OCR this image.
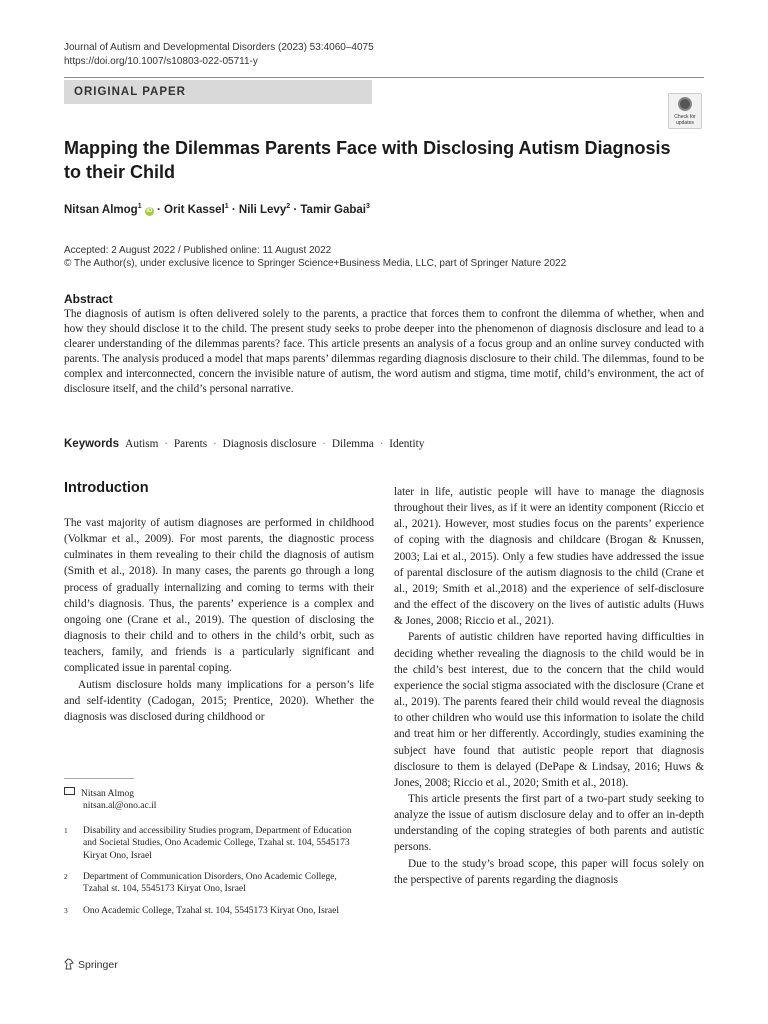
Journal of Autism and Developmental Disorders (2023) 53:4060–4075
https://doi.org/10.1007/s10803-022-05711-y
ORIGINAL PAPER
Check for
updates
Mapping the Dilemmas Parents Face with Disclosing Autism Diagnosis to their Child
Nitsan Almog$^1$ iD · Orit Kassel$^1$ · Nili Levy$^2$ · Tamir Gabai$^3$
Accepted: 2 August 2022 / Published online: 11 August 2022
© The Author(s), under exclusive licence to Springer Science+Business Media, LLC, part of Springer Nature 2022
Abstract
The diagnosis of autism is often delivered solely to the parents, a practice that forces them to confront the dilemma of whether, when and how they should disclose it to the child. The present study seeks to probe deeper into the phenomenon of diagnosis disclosure and lead to a clearer understanding of the dilemmas parents? face. This article presents an analysis of a focus group and an online survey conducted with parents. The analysis produced a model that maps parents’ dilemmas regarding diagnosis disclosure to their child. The dilemmas, found to be complex and interconnected, concern the invisible nature of autism, the word autism and stigma, time motif, child’s environment, the act of disclosure itself, and the child’s personal narrative.
Keywords Autism · Parents · Diagnosis disclosure · Dilemma · Identity
Introduction

The vast majority of autism diagnoses are performed in childhood (Volkmar et al., 2009). For most parents, the diagnostic process culminates in them revealing to their child the diagnosis of autism (Smith et al., 2018). In many cases, the parents go through a long process of gradually internalizing and coming to terms with their child’s diagnosis. Thus, the parents’ experience is a complex and ongoing one (Crane et al., 2019). The question of disclosing the diagnosis to their child and to others in the child’s orbit, such as teachers, family, and friends is a particularly significant and complicated issue in parental coping.

Autism disclosure holds many implications for a person’s life and self-identity (Cadogan, 2015; Prentice, 2020). Whether the diagnosis was disclosed during childhood or

later in life, autistic people will have to manage the diagnosis throughout their lives, as if it were an identity component (Riccio et al., 2021). However, most studies focus on the parents’ experience of coping with the diagnosis and childcare (Brogan & Knussen, 2003; Lai et al., 2015). Only a few studies have addressed the issue of parental disclosure of the autism diagnosis to the child (Crane et al., 2019; Smith et al.,2018) and the experience of self-disclosure and the effect of the discovery on the lives of autistic adults (Huws & Jones, 2008; Riccio et al., 2021).

Parents of autistic children have reported having difficulties in deciding whether revealing the diagnosis to the child would be in the child’s best interest, due to the concern that the child would experience the social stigma associated with the disclosure (Crane et al., 2019). The parents feared their child would reveal the diagnosis to other children who would use this information to isolate the child and treat him or her differently. Accordingly, studies examining the subject have found that autistic people report that diagnosis disclosure to them is delayed (DePape & Lindsay, 2016; Huws & Jones, 2008; Riccio et al., 2020; Smith et al., 2018).

This article presents the first part of a two-part study seeking to analyze the issue of autism disclosure delay and to offer an in-depth understanding of the coping strategies of both parents and autistic persons.

Due to the study’s broad scope, this paper will focus solely on the perspective of parents regarding the diagnosis

Nitsan Almog
nitsan.al@ono.ac.il
1	Disability and accessibility Studies program, Department of Education and Societal Studies, Ono Academic College, Tzahal st. 104, 5545173 Kiryat Ono, Israel
2	Department of Communication Disorders, Ono Academic College, Tzahal st. 104, 5545173 Kiryat Ono, Israel
3	Ono Academic College, Tzahal st. 104, 5545173 Kiryat Ono, Israel
Springer
